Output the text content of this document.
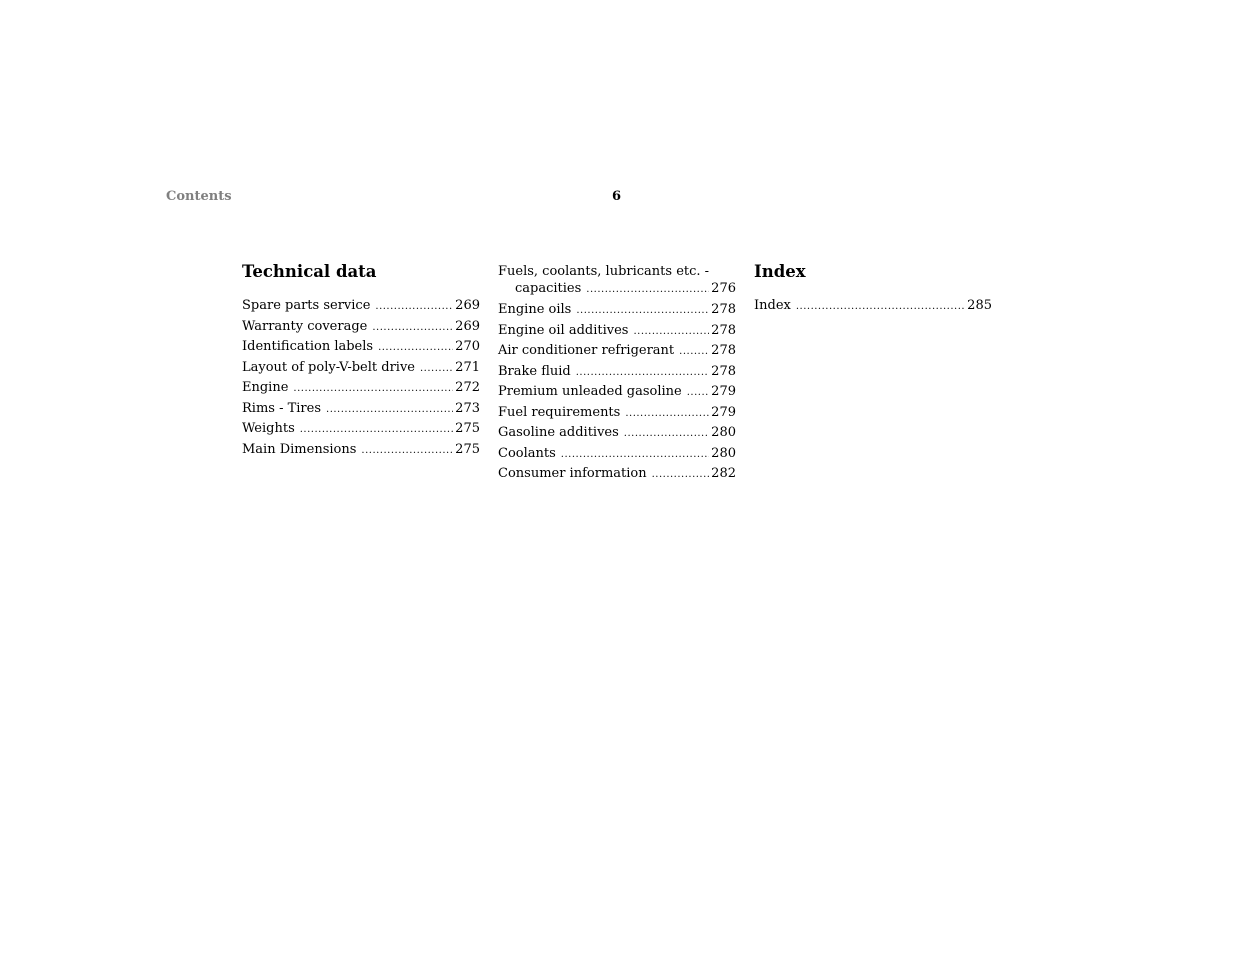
Contents	6
Technical data
Spare parts service .....	269
Warranty coverage .....	269
Identification labels .....	270
Layout of poly-V-belt drive .....	271
Engine .....	272
Rims - Tires .....	273
Weights .....	275
Main Dimensions .....	275
Fuels, coolants, lubricants etc. -
capacities .....	276
Engine oils .....	278
Engine oil additives .....	278
Air conditioner refrigerant .....	278
Brake fluid .....	278
Premium unleaded gasoline ..... 279
Fuel requirements .....	279
Gasoline additives .....	280
Coolants .....	280
Consumer information .....	282
Index
Index .....	285
